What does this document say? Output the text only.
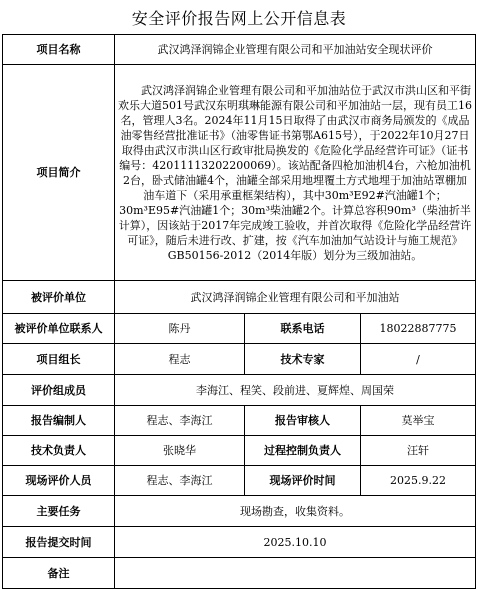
安全评价报告网上公开信息表
项目名称	武汉鸿泽润锦企业管理有限公司和平加油站安全现状评价		
项目简介	武汉鸿泽润锦企业管理有限公司和平加油站位于武汉市洪山区和平街欢乐大道501号武汉东明琪琳能源有限公司和平加油站一层，现有员工16名，管理人3名。2024年11月15日取得了由武汉市商务局颁发的《成品油零售经营批准证书》（油零售证书第鄂A615号），于2022年10月27日取得由武汉市洪山区行政审批局换发的《危险化学品经营许可证》（证书编号：42011113202200069）。该站配备四枪加油机4台，六枪加油机2台，卧式储油罐4个，油罐全部采用地埋覆土方式地埋于加油站罩棚加油车道下（采用承重框架结构），其中30m³E92#汽油罐1个；30m³E95#汽油罐1个；30m³柴油罐2个。计算总容积90m³（柴油折半计算），因该站于2017年完成竣工验收，并首次取得《危险化学品经营许可证》，随后未进行改、扩建，按《汽车加油加气站设计与施工规范》GB50156-2012（2014年版）划分为三级加油站。		
被评价单位	武汉鸿泽润锦企业管理有限公司和平加油站		
被评价单位联系人	陈丹	联系电话	18022887775
项目组长	程志	技术专家	/
评价组成员	李海江、程笑、段前进、夏辉煌、周国荣		
报告编制人	程志、李海江	报告审核人	莫举宝
技术负责人	张晓华	过程控制负责人	汪轩
现场评价人员	程志、李海江	现场评价时间	2025.9.22
主要任务	现场勘查，收集资料。		
报告提交时间	2025.10.10		
备注			
